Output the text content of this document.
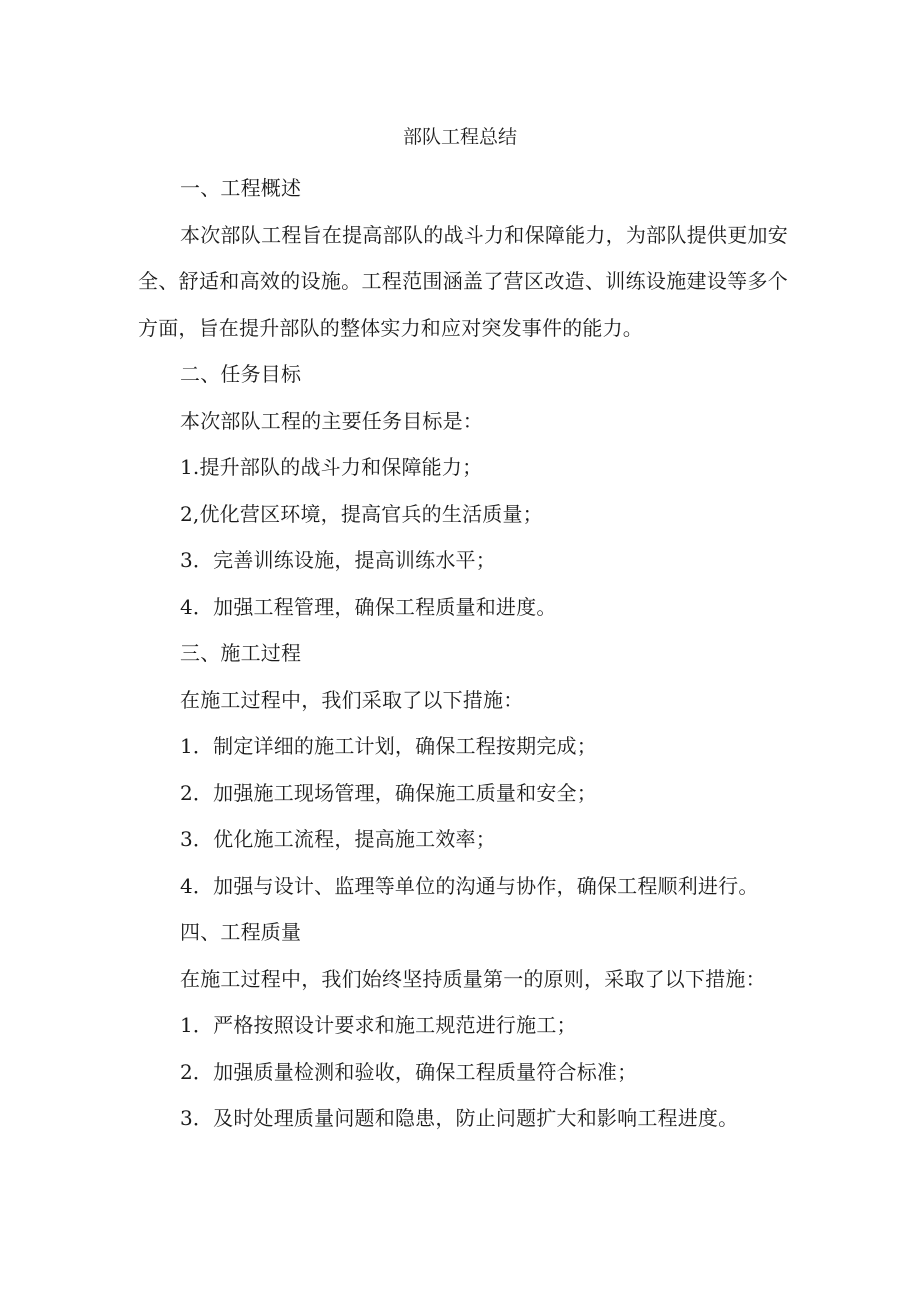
部队工程总结

一、工程概述

本次部队工程旨在提高部队的战斗力和保障能力，为部队提供更加安全、舒适和高效的设施。工程范围涵盖了营区改造、训练设施建设等多个方面，旨在提升部队的整体实力和应对突发事件的能力。

二、任务目标

本次部队工程的主要任务目标是：

1.提升部队的战斗力和保障能力；

2,优化营区环境，提高官兵的生活质量；

3．完善训练设施，提高训练水平；

4．加强工程管理，确保工程质量和进度。

三、施工过程

在施工过程中，我们采取了以下措施：

1．制定详细的施工计划，确保工程按期完成；

2．加强施工现场管理，确保施工质量和安全；

3．优化施工流程，提高施工效率；

4．加强与设计、监理等单位的沟通与协作，确保工程顺利进行。

四、工程质量

在施工过程中，我们始终坚持质量第一的原则，采取了以下措施：

1．严格按照设计要求和施工规范进行施工；

2．加强质量检测和验收，确保工程质量符合标准；

3．及时处理质量问题和隐患，防止问题扩大和影响工程进度。
